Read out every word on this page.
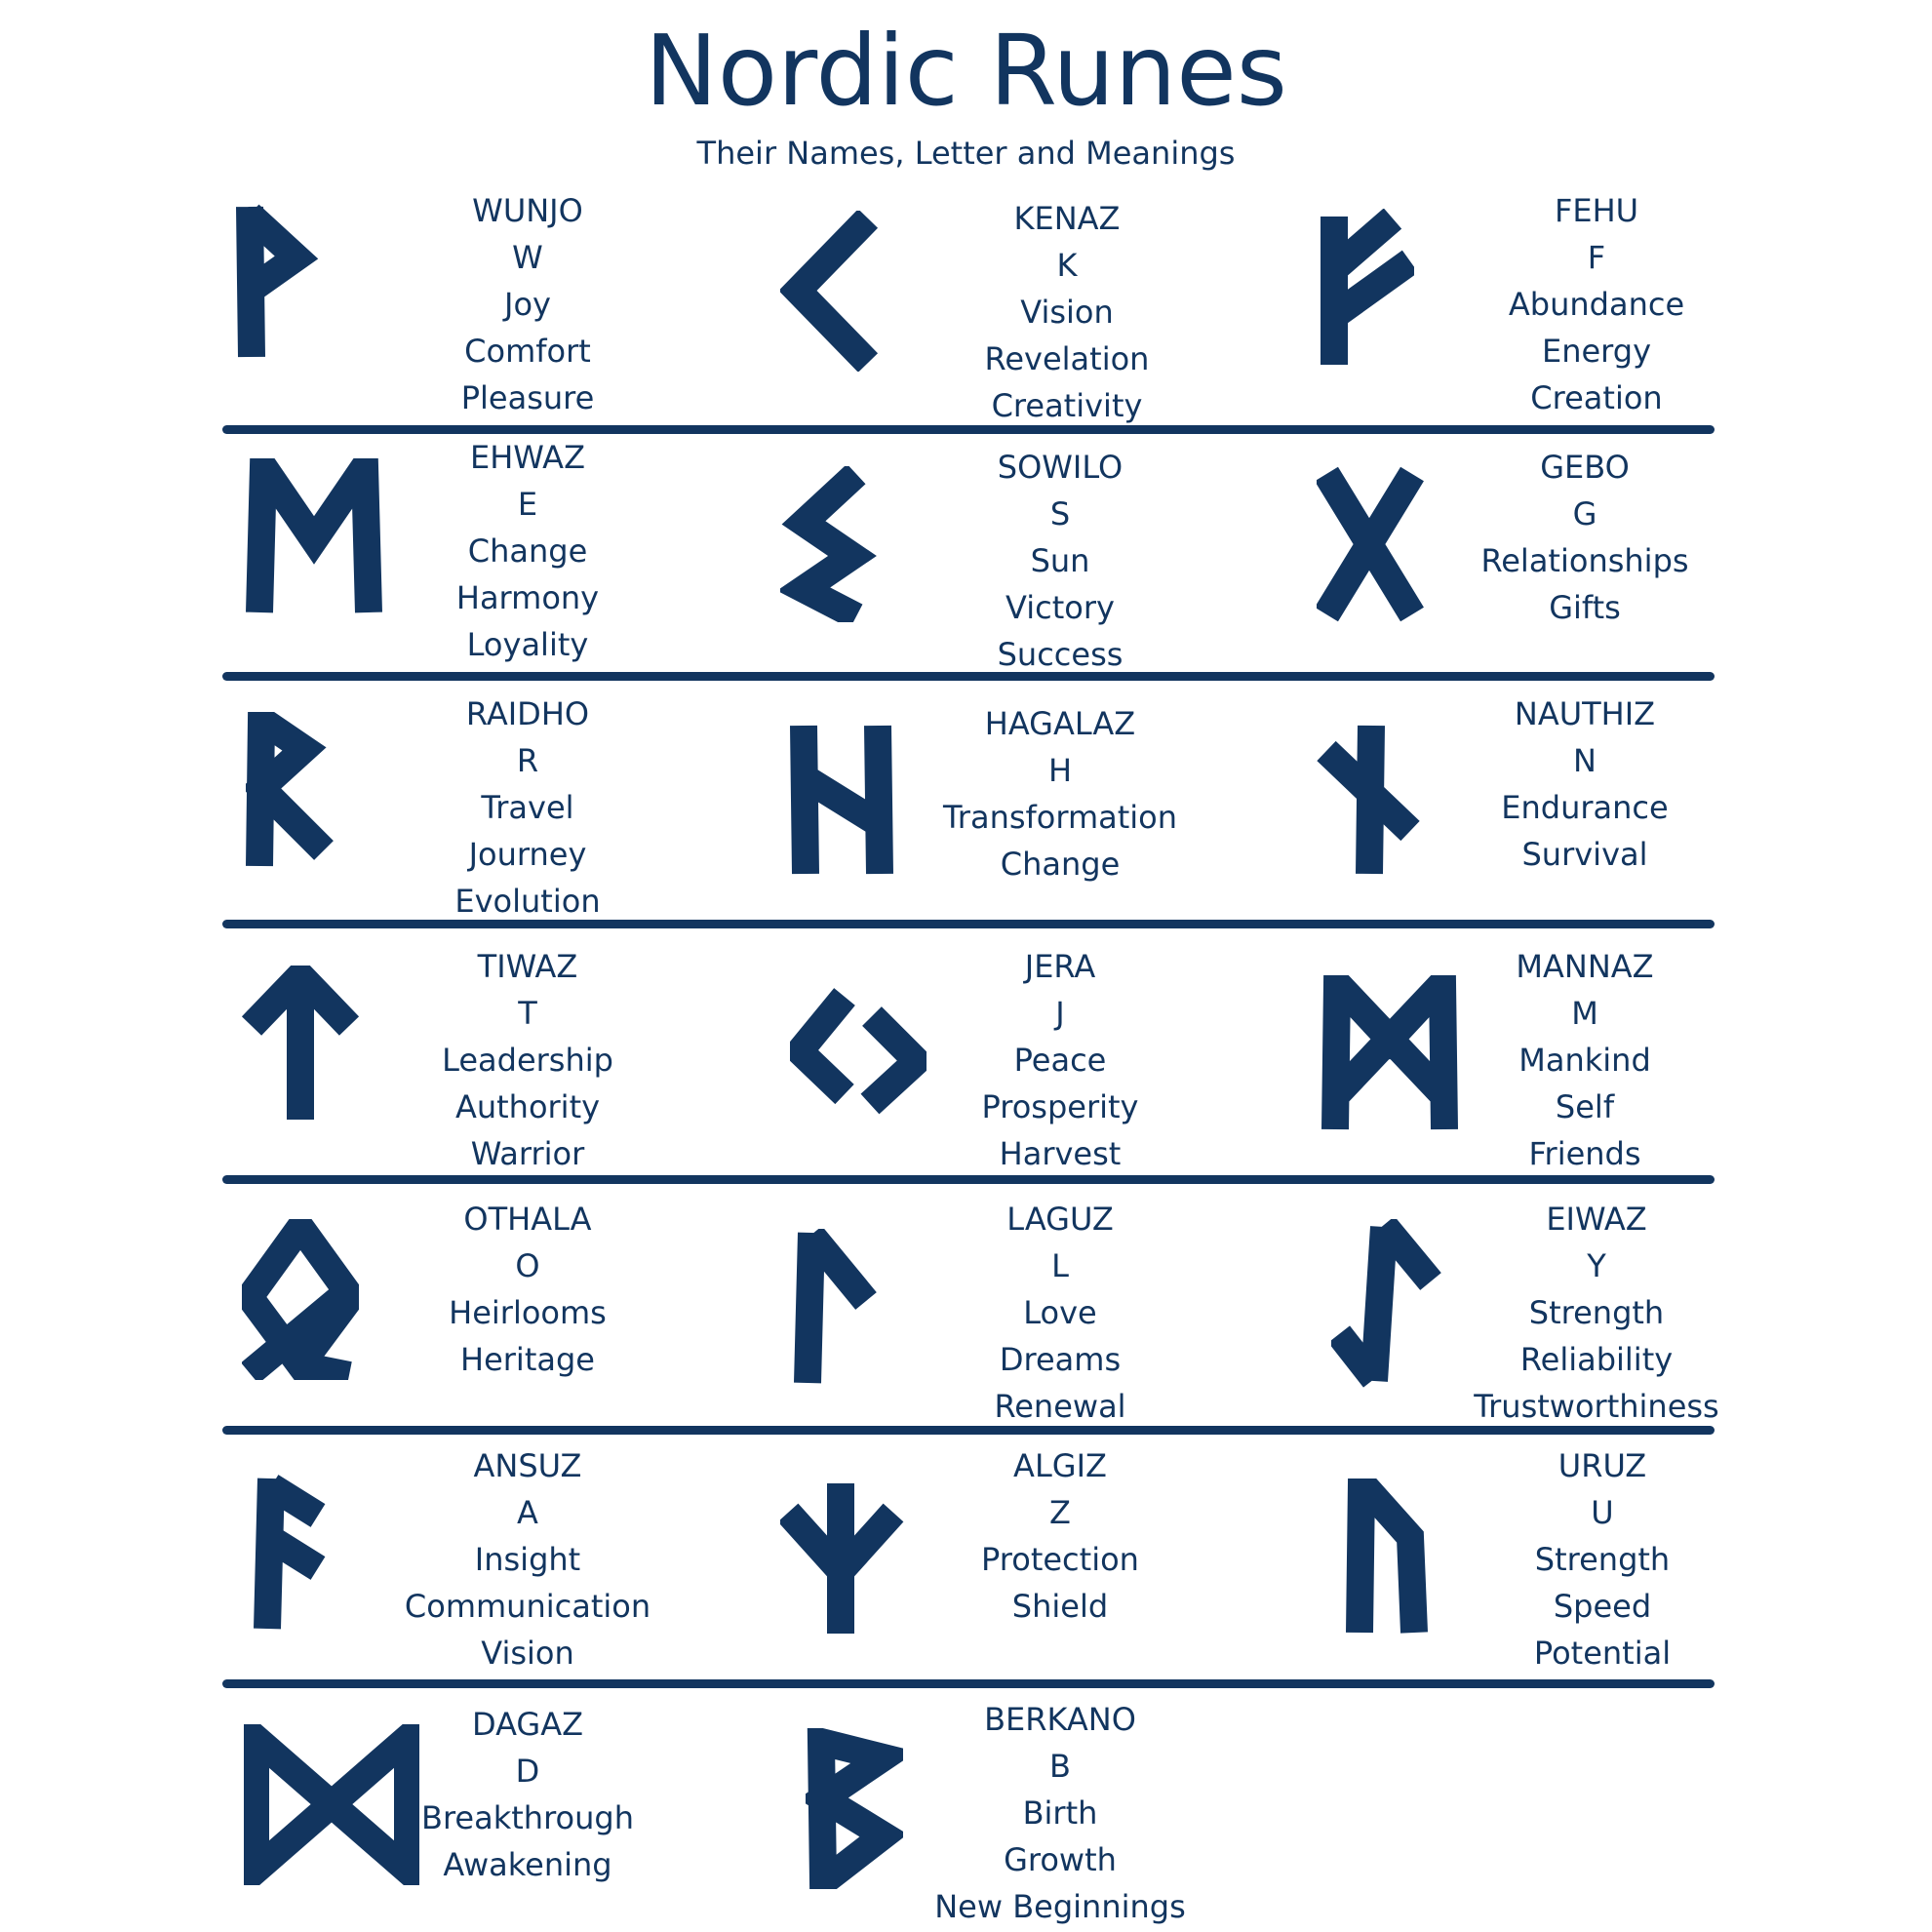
Nordic Runes
Their Names, Letter and Meanings
WUNJO
W
Joy
Comfort
Pleasure
KENAZ
K
Vision
Revelation
Creativity
FEHU
F
Abundance
Energy
Creation
EHWAZ
E
Change
Harmony
Loyality
SOWILO
S
Sun
Victory
Success
GEBO
G
Relationships
Gifts
RAIDHO
R
Travel
Journey
Evolution
HAGALAZ
H
Transformation
Change
NAUTHIZ
N
Endurance
Survival
TIWAZ
T
Leadership
Authority
Warrior
JERA
J
Peace
Prosperity
Harvest
MANNAZ
M
Mankind
Self
Friends
OTHALA
O
Heirlooms
Heritage
LAGUZ
L
Love
Dreams
Renewal
EIWAZ
Y
Strength
Reliability
Trustworthiness
ANSUZ
A
Insight
Communication
Vision
ALGIZ
Z
Protection
Shield
URUZ
U
Strength
Speed
Potential
DAGAZ
D
Breakthrough
Awakening
BERKANO
B
Birth
Growth
New Beginnings
